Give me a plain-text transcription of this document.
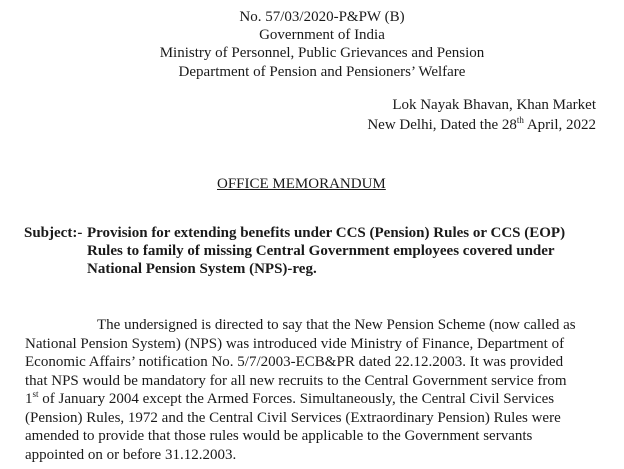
No. 57/03/2020-P&PW (B)
Government of India
Ministry of Personnel, Public Grievances and Pension
Department of Pension and Pensioners’ Welfare
Lok Nayak Bhavan, Khan Market
New Delhi, Dated the 28th April, 2022
OFFICE MEMORANDUM
Subject:- Provision for extending benefits under CCS (Pension) Rules or CCS (EOP)
Rules to family of missing Central Government employees covered under
National Pension System (NPS)-reg.
The undersigned is directed to say that the New Pension Scheme (now called as
National Pension System) (NPS) was introduced vide Ministry of Finance, Department of
Economic Affairs’ notification No. 5/7/2003-ECB&PR dated 22.12.2003. It was provided
that NPS would be mandatory for all new recruits to the Central Government service from
1st of January 2004 except the Armed Forces. Simultaneously, the Central Civil Services
(Pension) Rules, 1972 and the Central Civil Services (Extraordinary Pension) Rules were
amended to provide that those rules would be applicable to the Government servants
appointed on or before 31.12.2003.
